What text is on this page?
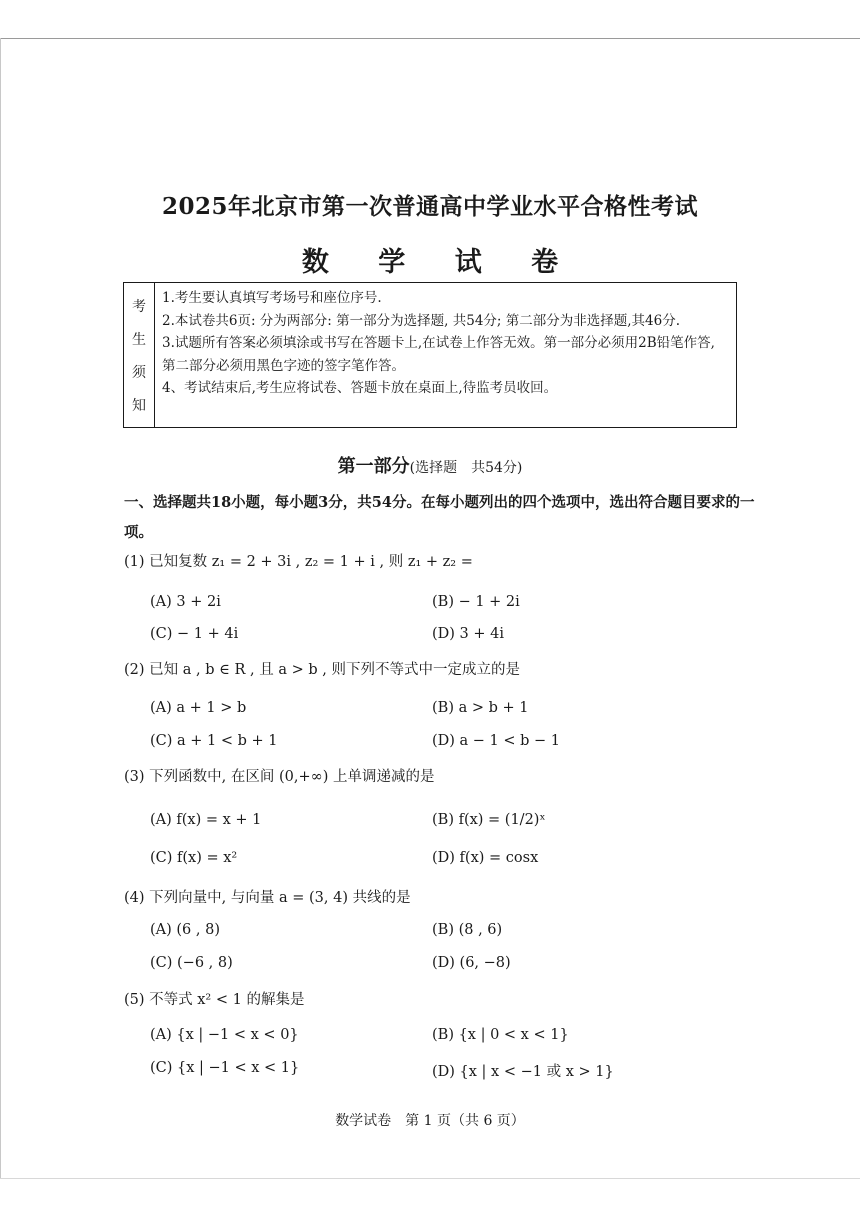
2025年北京市第一次普通高中学业水平合格性考试
数 学 试 卷
考
生
须
知

1.考生要认真填写考场号和座位序号.

2.本试卷共6页: 分为两部分: 第一部分为选择题, 共54分; 第二部分为非选择题,其46分.

3.试题所有答案必须填涂或书写在答题卡上,在试卷上作答无效。第一部分必须用2B铅笔作答,第二部分必须用黑色字迹的签字笔作答。

4、考试结束后,考生应将试卷、答题卡放在桌面上,待监考员收回。

第一部分(选择题　共54分)
一、选择题共18小题，每小题3分，共54分。在每小题列出的四个选项中，选出符合题目要求的一项。
(1) 已知复数 z₁ = 2 + 3i , z₂ = 1 + i , 则 z₁ + z₂ =
(A) 3 + 2i	(B) − 1 + 2i
(C) − 1 + 4i	(D) 3 + 4i
(2) 已知 a , b ∈ R , 且 a > b , 则下列不等式中一定成立的是
(A) a + 1 > b	(B) a > b + 1
(C) a + 1 < b + 1	(D) a − 1 < b − 1
(3) 下列函数中, 在区间 (0,+∞) 上单调递减的是
(A) f(x) = x + 1	(B) f(x) = (1/2)ˣ
(C) f(x) = x²	(D) f(x) = cosx
(4) 下列向量中, 与向量 a = (3, 4) 共线的是
(A) (6 , 8)	(B) (8 , 6)
(C) (−6 , 8)	(D) (6, −8)
(5) 不等式 x² < 1 的解集是
(A) {x | −1 < x < 0}	(B) {x | 0 < x < 1}
(C) {x | −1 < x < 1}	(D) {x | x < −1 或 x > 1}
数学试卷　第 1 页（共 6 页）
